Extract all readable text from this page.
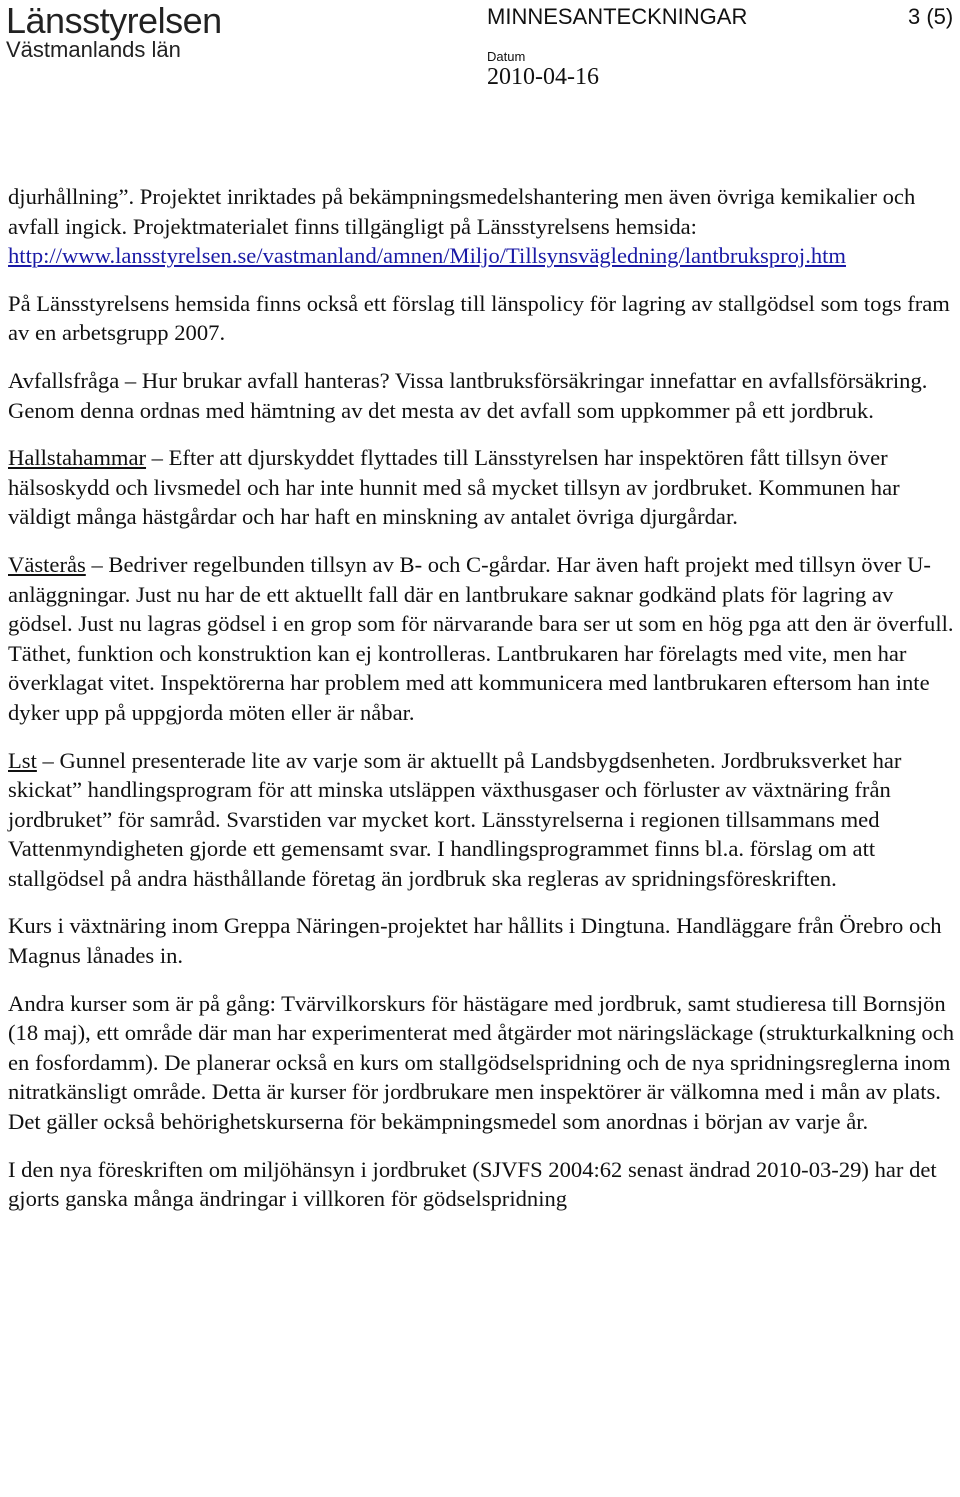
Länsstyrelsen
Västmanlands län
MINNESANTECKNINGAR	3 (5)
Datum
2010-04-16

djurhållning”. Projektet inriktades på bekämpningsmedelshantering men även övriga kemikalier och avfall ingick. Projektmaterialet finns tillgängligt på Länsstyrelsens hemsida: http://www.lansstyrelsen.se/vastmanland/amnen/Miljo/Tillsynsvägledning/lantbruksproj.htm

På Länsstyrelsens hemsida finns också ett förslag till länspolicy för lagring av stallgödsel som togs fram av en arbetsgrupp 2007.

Avfallsfråga – Hur brukar avfall hanteras? Vissa lantbruksförsäkringar innefattar en avfallsförsäkring. Genom denna ordnas med hämtning av det mesta av det avfall som uppkommer på ett jordbruk.

Hallstahammar – Efter att djurskyddet flyttades till Länsstyrelsen har inspektören fått tillsyn över hälsoskydd och livsmedel och har inte hunnit med så mycket tillsyn av jordbruket. Kommunen har väldigt många hästgårdar och har haft en minskning av antalet övriga djurgårdar.

Västerås – Bedriver regelbunden tillsyn av B- och C-gårdar. Har även haft projekt med tillsyn över U-anläggningar. Just nu har de ett aktuellt fall där en lantbrukare saknar godkänd plats för lagring av gödsel. Just nu lagras gödsel i en grop som för närvarande bara ser ut som en hög pga att den är överfull. Täthet, funktion och konstruktion kan ej kontrolleras. Lantbrukaren har förelagts med vite, men har överklagat vitet. Inspektörerna har problem med att kommunicera med lantbrukaren eftersom han inte dyker upp på uppgjorda möten eller är nåbar.

Lst – Gunnel presenterade lite av varje som är aktuellt på Landsbygdsenheten. Jordbruksverket har skickat” handlingsprogram för att minska utsläppen växthusgaser och förluster av växtnäring från jordbruket” för samråd. Svarstiden var mycket kort. Länsstyrelserna i regionen tillsammans med Vattenmyndigheten gjorde ett gemensamt svar. I handlingsprogrammet finns bl.a. förslag om att stallgödsel på andra hästhållande företag än jordbruk ska regleras av spridningsföreskriften.

Kurs i växtnäring inom Greppa Näringen-projektet har hållits i Dingtuna. Handläggare från Örebro och Magnus lånades in.

Andra kurser som är på gång: Tvärvilkorskurs för hästägare med jordbruk, samt studieresa till Bornsjön (18 maj), ett område där man har experimenterat med åtgärder mot näringsläckage (strukturkalkning och en fosfordamm). De planerar också en kurs om stallgödselspridning och de nya spridningsreglerna inom nitratkänsligt område. Detta är kurser för jordbrukare men inspektörer är välkomna med i mån av plats. Det gäller också behörighetskurserna för bekämpningsmedel som anordnas i början av varje år.

I den nya föreskriften om miljöhänsyn i jordbruket (SJVFS 2004:62 senast ändrad 2010-03-29) har det gjorts ganska många ändringar i villkoren för gödselspridning
